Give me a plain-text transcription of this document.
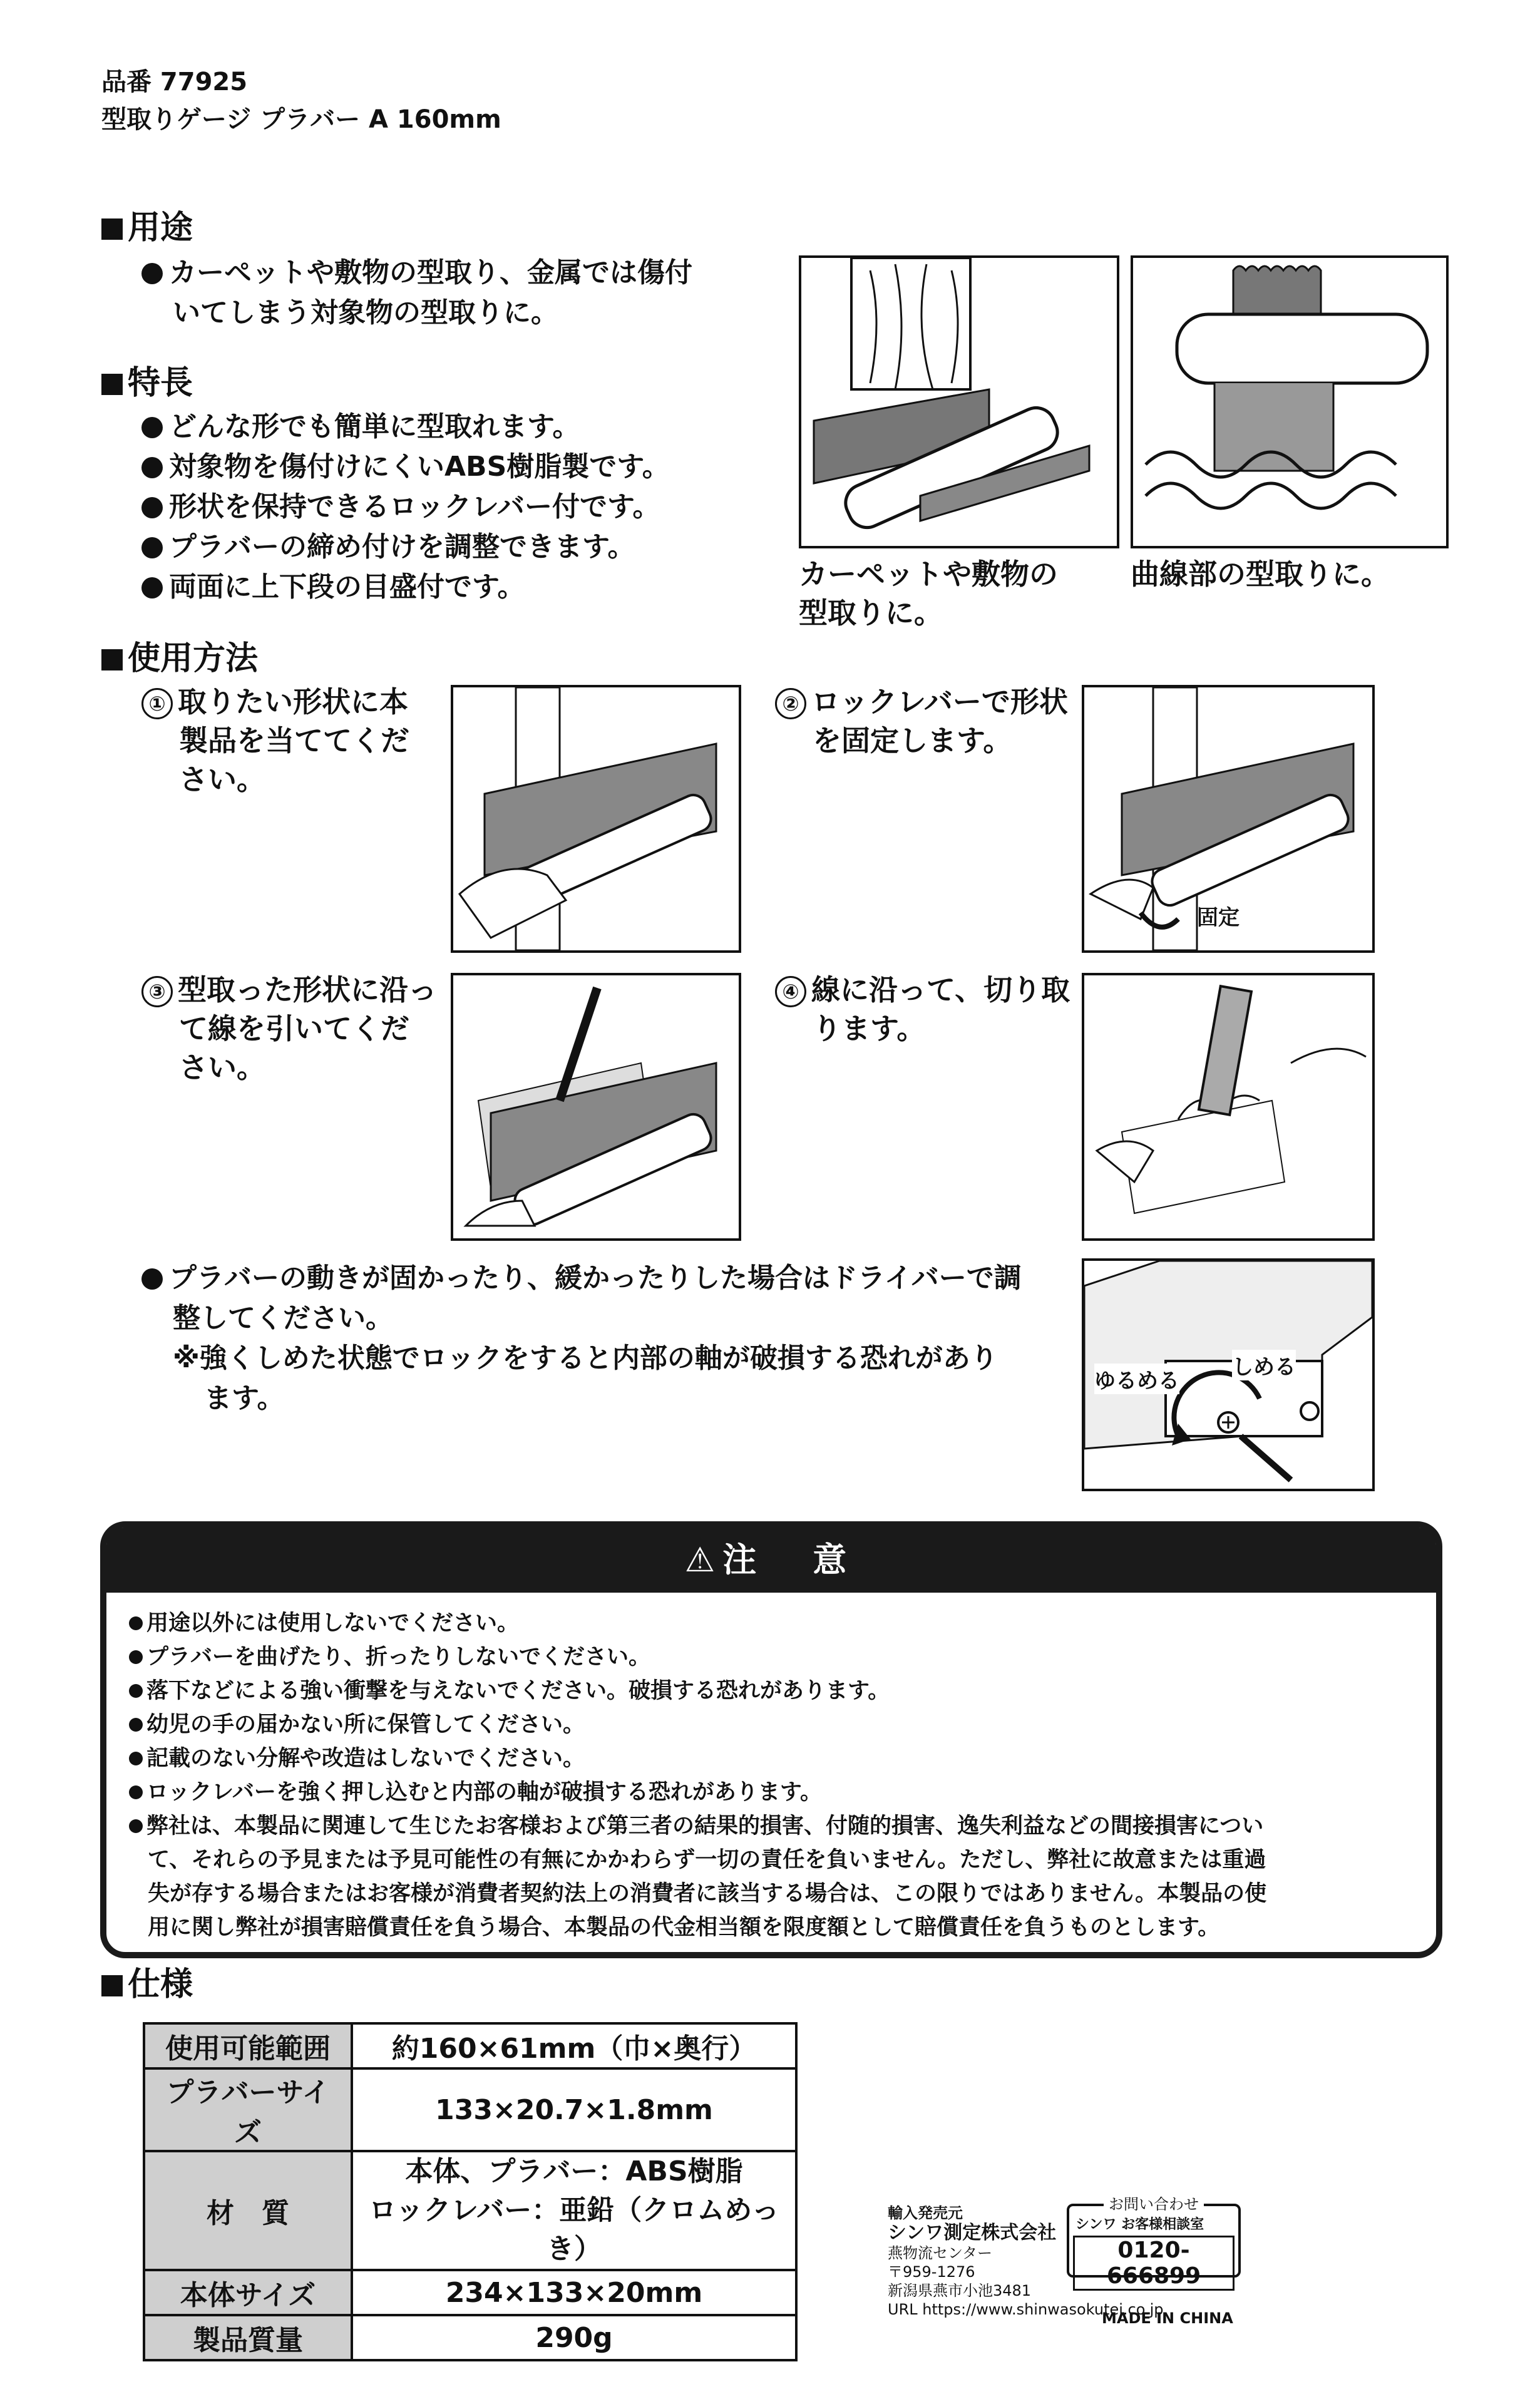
品番 77925
型取りゲージ プラバー A 160mm
用途
カーペットや敷物の型取り、金属では傷付
いてしまう対象物の型取りに。
特長
どんな形でも簡単に型取れます。
対象物を傷付けにくいABS樹脂製です。
形状を保持できるロックレバー付です。
プラバーの締め付けを調整できます。
両面に上下段の目盛付です。	カーペットや敷物の
型取りに。
曲線部の型取りに。
使用方法
① 取りたい形状に本
製品を当ててくだ
さい。
② ロックレバーで形状
を固定します。
固定
③ 型取った形状に沿っ
て線を引いてくだ
さい。
④ 線に沿って、切り取
ります。
プラバーの動きが固かったり、緩かったりした場合はドライバーで調
整してください。
※強くしめた状態でロックをすると内部の軸が破損する恐れがあり
ます。
ゆるめる
しめる
⚠ 注　意
用途以外には使用しないでください。
プラバーを曲げたり、折ったりしないでください。
落下などによる強い衝撃を与えないでください。破損する恐れがあります。
幼児の手の届かない所に保管してください。
記載のない分解や改造はしないでください。
ロックレバーを強く押し込むと内部の軸が破損する恐れがあります。
弊社は、本製品に関連して生じたお客様および第三者の結果的損害、付随的損害、逸失利益などの間接損害につい
て、それらの予見または予見可能性の有無にかかわらず一切の責任を負いません。ただし、弊社に故意または重過
失が存する場合またはお客様が消費者契約法上の消費者に該当する場合は、この限りではありません。本製品の使
用に関し弊社が損害賠償責任を負う場合、本製品の代金相当額を限度額として賠償責任を負うものとします。
仕様
使用可能範囲	約160×61mm（巾×奥行）
プラバーサイズ	133×20.7×1.8mm
材　質	本体、プラバー：ABS樹脂
ロックレバー：亜鉛（クロムめっき）

本体サイズ	234×133×20mm
製品質量	290g
輸入発売元
シンワ測定株式会社
燕物流センター
〒959-1276
新潟県燕市小池3481
URL https://www.shinwasokutei.co.jp
お問い合わせ
シンワ お客様相談室
0120-666899
MADE IN CHINA
